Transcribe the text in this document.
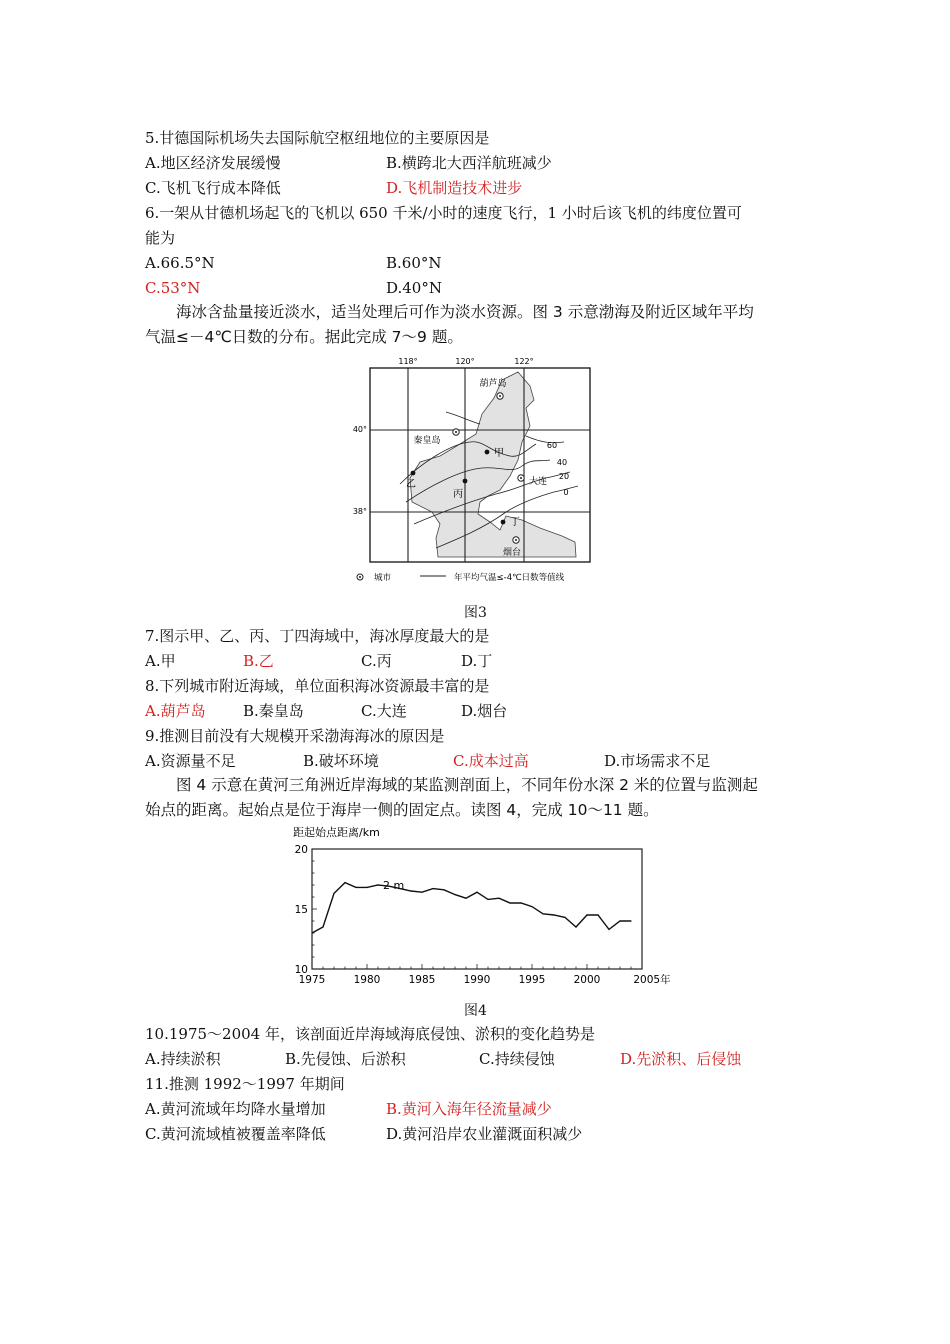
5.甘德国际机场失去国际航空枢纽地位的主要原因是
A.地区经济发展缓慢	B.横跨北大西洋航班减少
C.飞机飞行成本降低	D.飞机制造技术进步
6.一架从甘德机场起飞的飞机以 650 千米/小时的速度飞行，1 小时后该飞机的纬度位置可
能为
A.66.5°N	B.60°N
C.53°N	D.40°N
海冰含盐量接近淡水，适当处理后可作为淡水资源。图 3 示意渤海及附近区域年平均
气温≤－4℃日数的分布。据此完成 7～9 题。
118°	120°	122°
40°
38°
葫芦岛
秦皇岛
大连
烟台
甲
乙
丙
丁
60
40
20
0
城市	年平均气温≤-4℃日数等值线
图3
7.图示甲、乙、丙、丁四海域中，海冰厚度最大的是
A.甲	B.乙	C.丙	D.丁
8.下列城市附近海域，单位面积海冰资源最丰富的是
A.葫芦岛 B.秦皇岛	C.大连	D.烟台
9.推测目前没有大规模开采渤海海冰的原因是
A.资源量不足	B.破坏环境	C.成本过高	D.市场需求不足
图 4 示意在黄河三角洲近岸海域的某监测剖面上，不同年份水深 2 米的位置与监测起
始点的距离。起始点是位于海岸一侧的固定点。读图 4，完成 10～11 题。
1975	1980	1985	1990	1995	2000	2005年
20
15
10
距起始点距离/km
2 m
图4
10.1975～2004 年，该剖面近岸海域海底侵蚀、淤积的变化趋势是
A.持续淤积	B.先侵蚀、后淤积	C.持续侵蚀	D.先淤积、后侵蚀
11.推测 1992～1997 年期间
A.黄河流域年均降水量增加	B.黄河入海年径流量减少
C.黄河流域植被覆盖率降低	D.黄河沿岸农业灌溉面积减少
